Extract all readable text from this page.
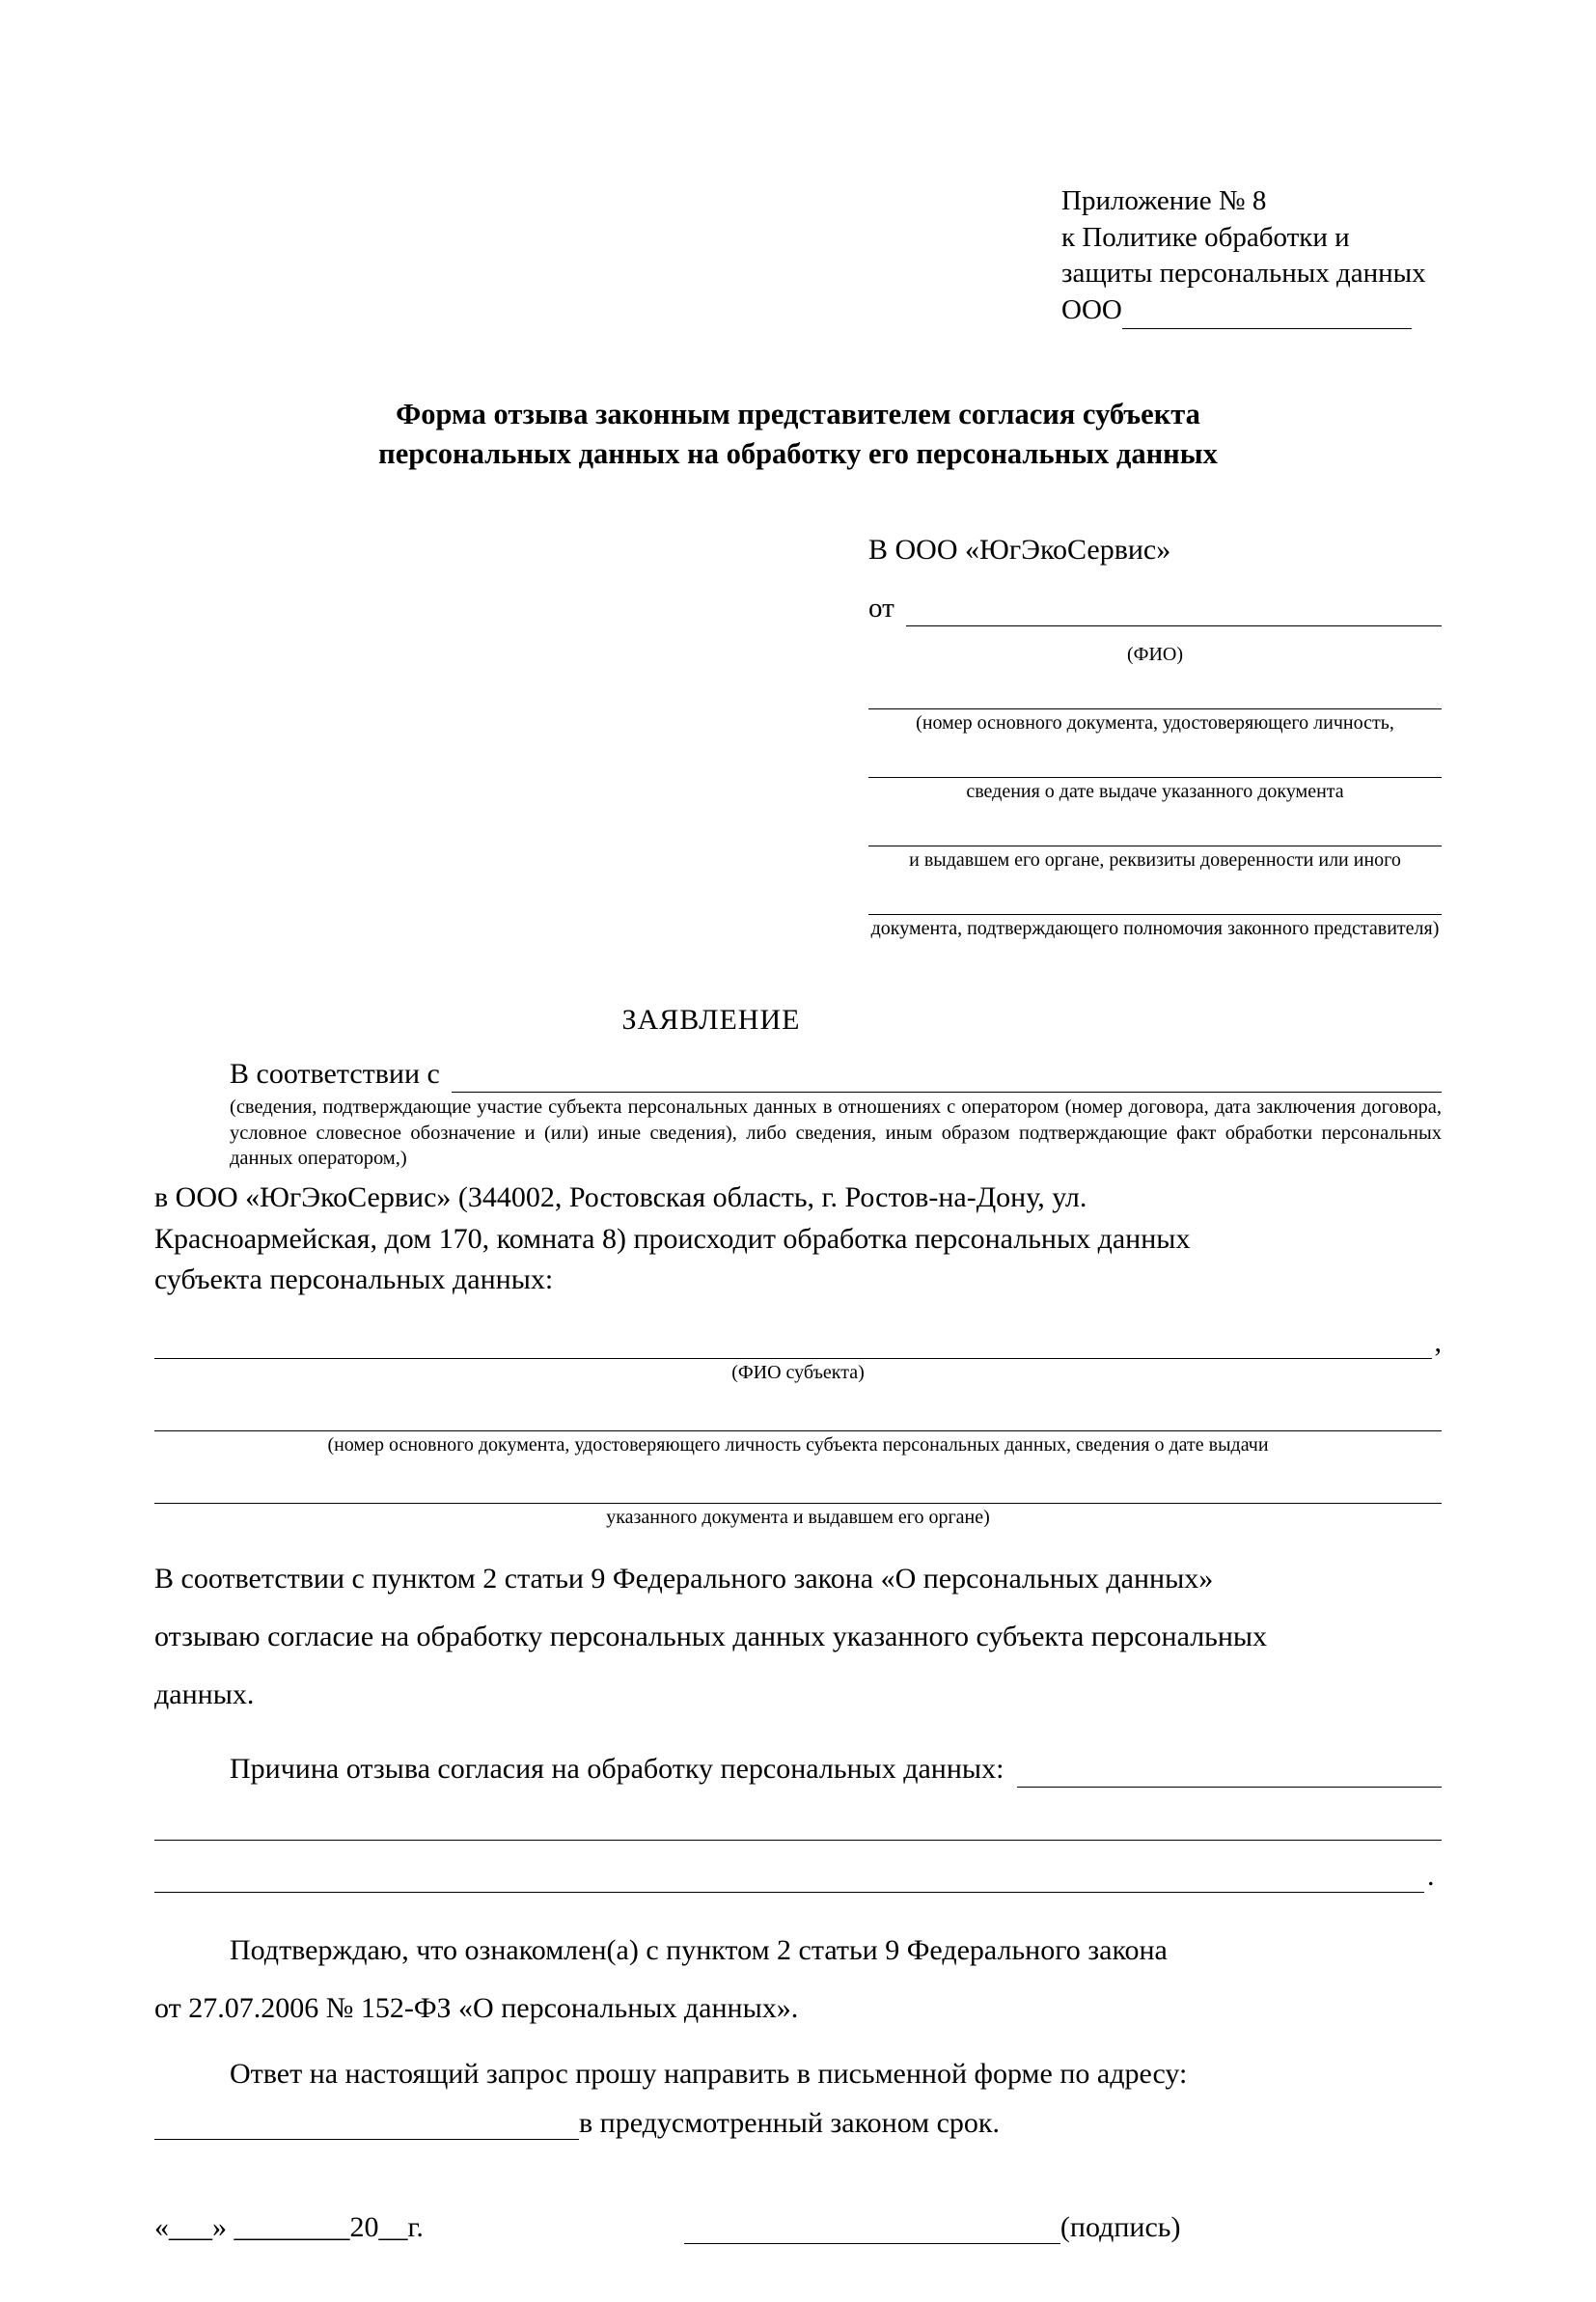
Приложение № 8
к Политике обработки и
защиты персональных данных
ООО
Форма отзыва законным представителем согласия субъекта
персональных данных на обработку его персональных данных
В ООО «ЮгЭкоСервис»
от
(ФИО)
(номер основного документа, удостоверяющего личность,
сведения о дате выдаче указанного документа
и выдавшем его органе, реквизиты доверенности или иного
документа, подтверждающего полномочия законного представителя)
ЗАЯВЛЕНИЕ
В соответствии с
(сведения, подтверждающие участие субъекта персональных данных в отношениях с оператором (номер договора, дата заключения договора, условное словесное обозначение и (или) иные сведения), либо сведения, иным образом подтверждающие факт обработки персональных данных оператором,)
в ООО «ЮгЭкоСервис» (344002, Ростовская область, г. Ростов-на-Дону, ул.
Красноармейская, дом 170, комната 8) происходит обработка персональных данных
субъекта персональных данных:
,
(ФИО субъекта)
(номер основного документа, удостоверяющего личность субъекта персональных данных, сведения о дате выдачи
указанного документа и выдавшем его органе)
В соответствии с пунктом 2 статьи 9 Федерального закона «О персональных данных»
отзываю согласие на обработку персональных данных указанного субъекта персональных
данных.
Причина отзыва согласия на обработку персональных данных:
.
Подтверждаю, что ознакомлен(а) с пунктом 2 статьи 9 Федерального закона
от 27.07.2006 № 152-ФЗ «О персональных данных».
Ответ на настоящий запрос прошу направить в письменной форме по адресу:
в предусмотренный законом срок.
«___» ________20__г.	(подпись)
